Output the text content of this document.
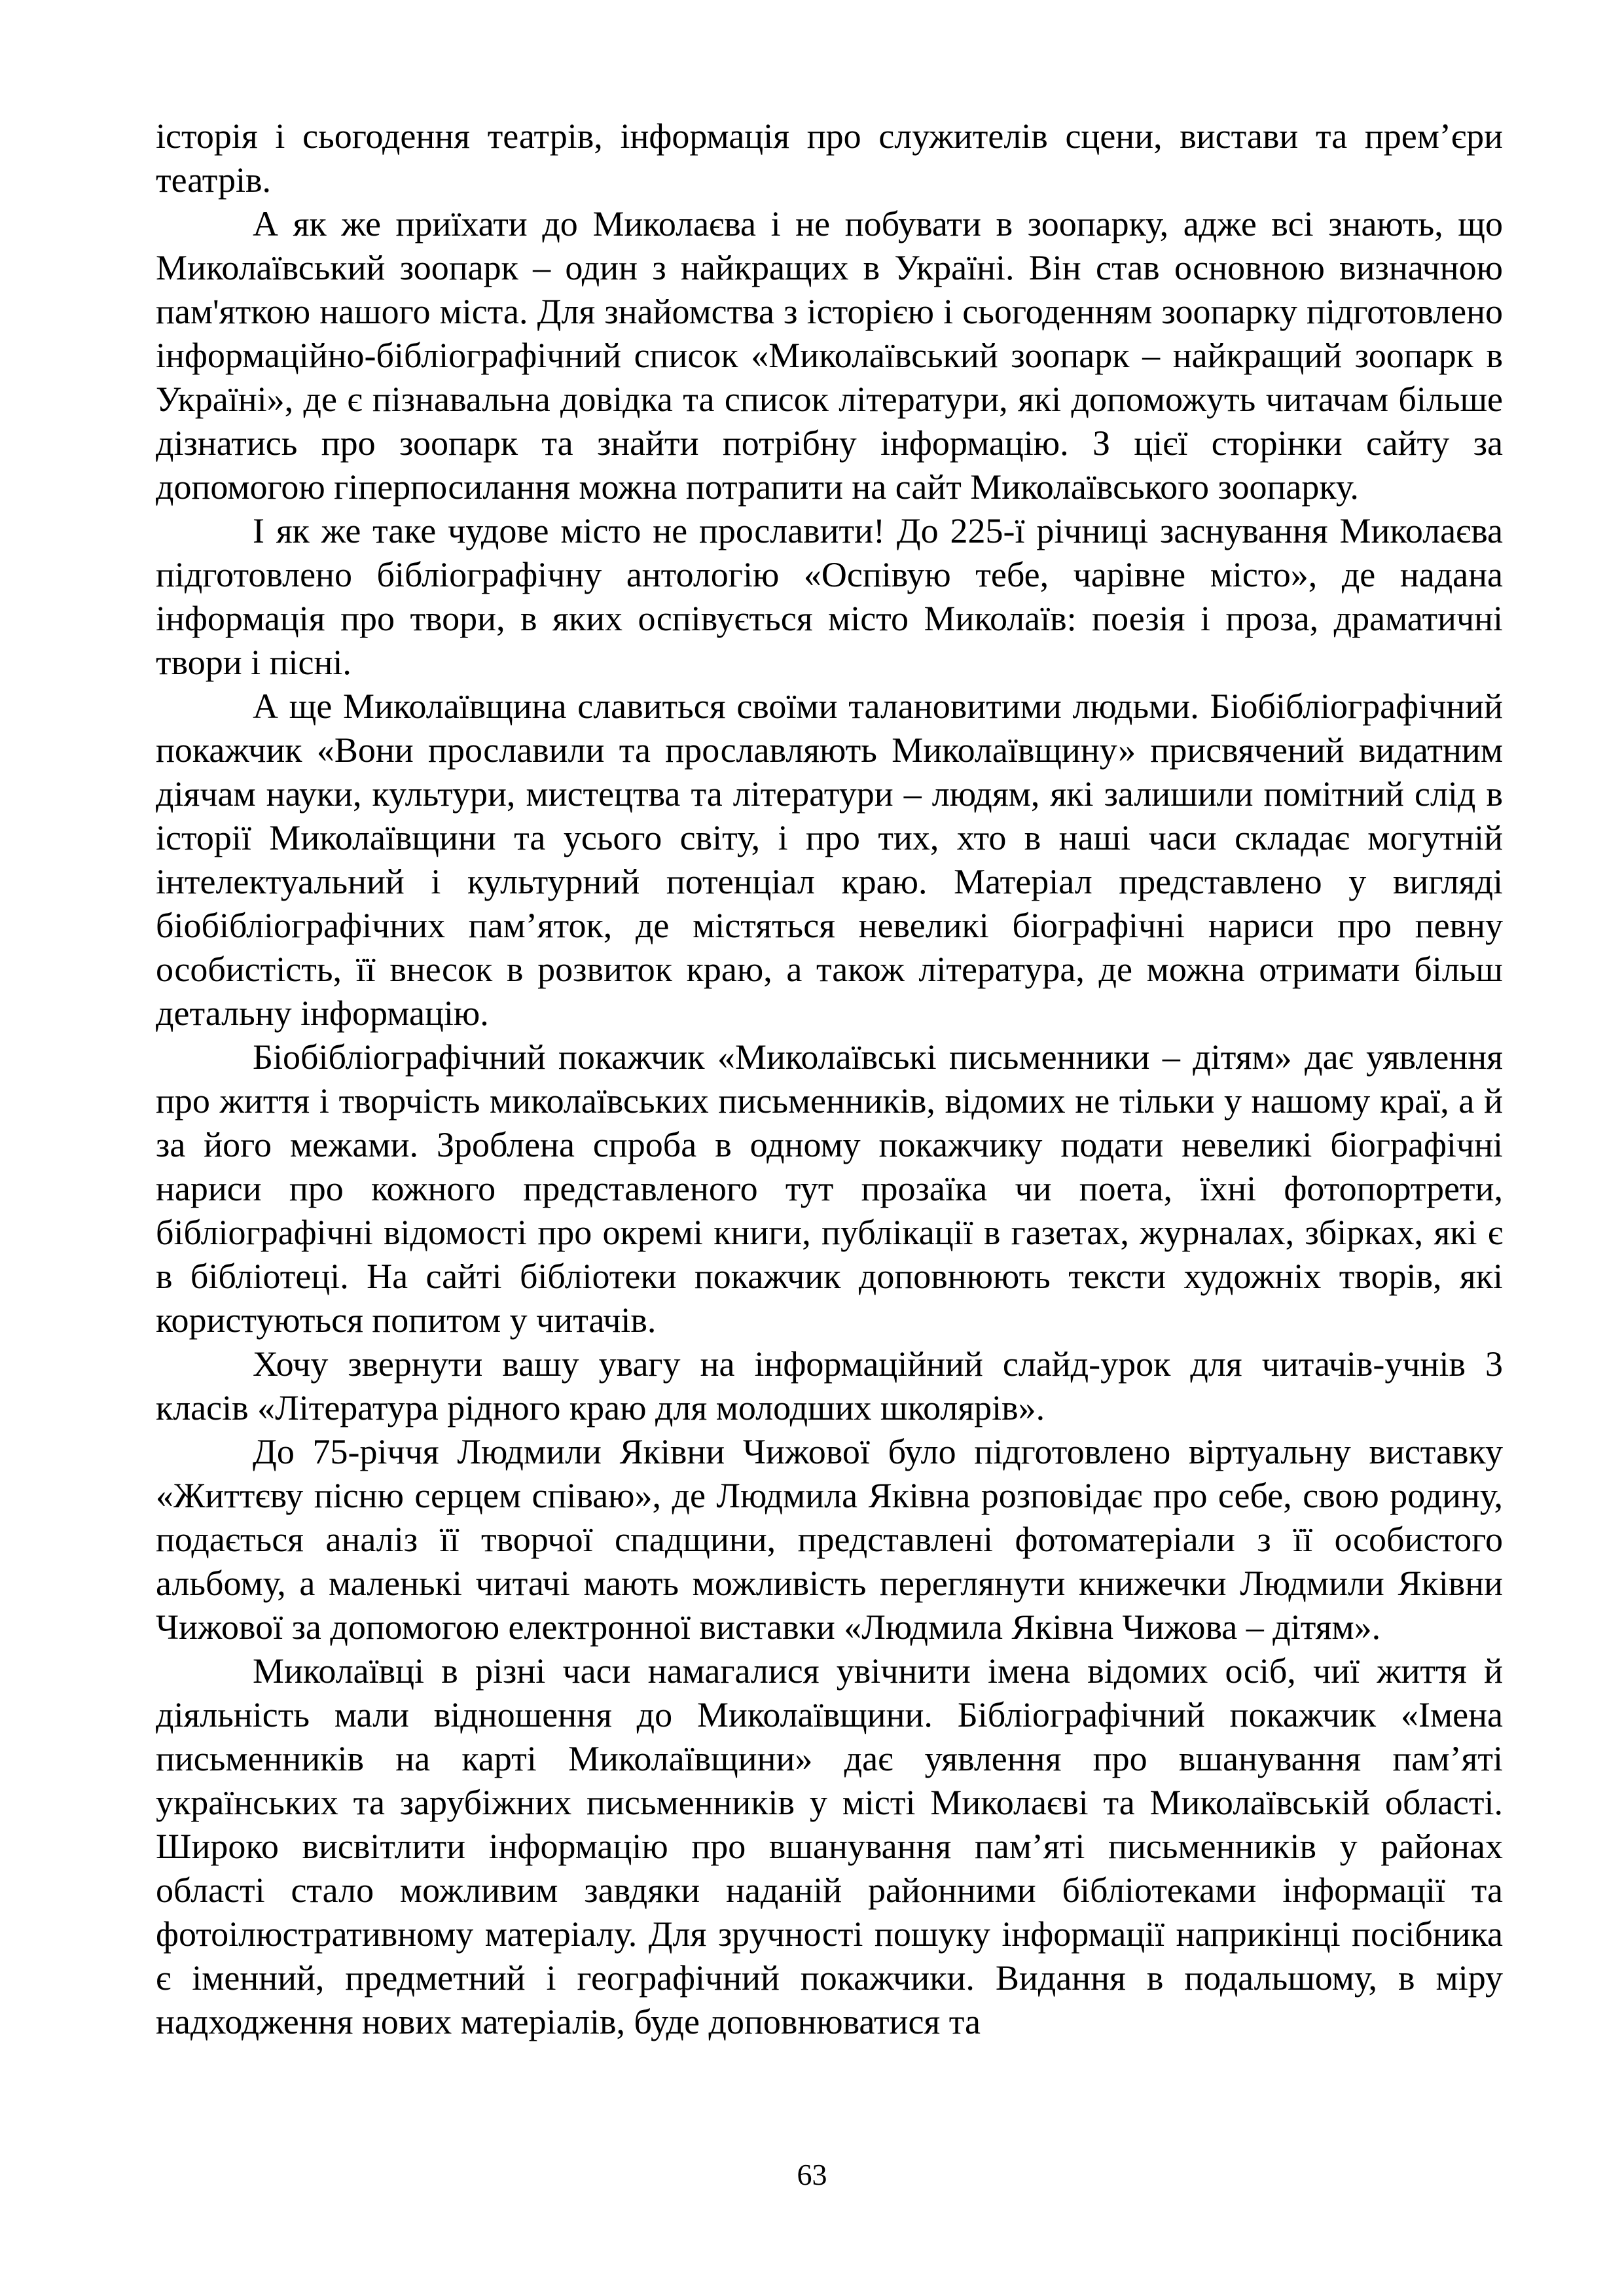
історія і сьогодення театрів, інформація про служителів сцени, вистави та прем’єри театрів.

А як же приїхати до Миколаєва і не побувати в зоопарку, адже всі знають, що Миколаївський зоопарк – один з найкращих в Україні. Він став основною визначною пам'яткою нашого міста. Для знайомства з історією і сьогоденням зоопарку підготовлено інформаційно-бібліографічний список «Миколаївський зоопарк – найкращий зоопарк в Україні», де є пізнавальна довідка та список літератури, які допоможуть читачам більше дізнатись про зоопарк та знайти потрібну інформацію. З цієї сторінки сайту за допомогою гіперпосилання можна потрапити на сайт Миколаївського зоопарку.

І як же таке чудове місто не прославити! До 225-ї річниці заснування Миколаєва підготовлено бібліографічну антологію «Оспівую тебе, чарівне місто», де надана інформація про твори, в яких оспівується місто Миколаїв: поезія і проза, драматичні твори і пісні.

А ще Миколаївщина славиться своїми талановитими людьми. Біобібліографічний покажчик «Вони прославили та прославляють Миколаївщину» присвячений видатним діячам науки, культури, мистецтва та літератури – людям, які залишили помітний слід в історії Миколаївщини та усього світу, і про тих, хто в наші часи складає могутній інтелектуальний і культурний потенціал краю. Матеріал представлено у вигляді біобібліографічних пам’яток, де містяться невеликі біографічні нариси про певну особистість, її внесок в розвиток краю, а також література, де можна отримати більш детальну інформацію.

Біобібліографічний покажчик «Миколаївські письменники – дітям» дає уявлення про життя і творчість миколаївських письменників, відомих не тільки у нашому краї, а й за його межами. Зроблена спроба в одному покажчику подати невеликі біографічні нариси про кожного представленого тут прозаїка чи поета, їхні фотопортрети, бібліографічні відомості про окремі книги, публікації в газетах, журналах, збірках, які є в бібліотеці. На сайті бібліотеки покажчик доповнюють тексти художніх творів, які користуються попитом у читачів.

Хочу звернути вашу увагу на інформаційний слайд-урок для читачів-учнів 3 класів «Література рідного краю для молодших школярів».

До 75-річчя Людмили Яківни Чижової було підготовлено віртуальну виставку «Життєву пісню серцем співаю», де Людмила Яківна розповідає про себе, свою родину, подається аналіз її творчої спадщини, представлені фотоматеріали з її особистого альбому, а маленькі читачі мають можливість переглянути книжечки Людмили Яківни Чижової за допомогою електронної виставки «Людмила Яківна Чижова – дітям».

Миколаївці в різні часи намагалися увічнити імена відомих осіб, чиї життя й діяльність мали відношення до Миколаївщини. Бібліографічний покажчик «Імена письменників на карті Миколаївщини» дає уявлення про вшанування пам’яті українських та зарубіжних письменників у місті Миколаєві та Миколаївській області. Широко висвітлити інформацію про вшанування пам’яті письменників у районах області стало можливим завдяки наданій районними бібліотеками інформації та фотоілюстративному матеріалу. Для зручності пошуку інформації наприкінці посібника є іменний, предметний і географічний покажчики. Видання в подальшому, в міру надходження нових матеріалів, буде доповнюватися та

63
